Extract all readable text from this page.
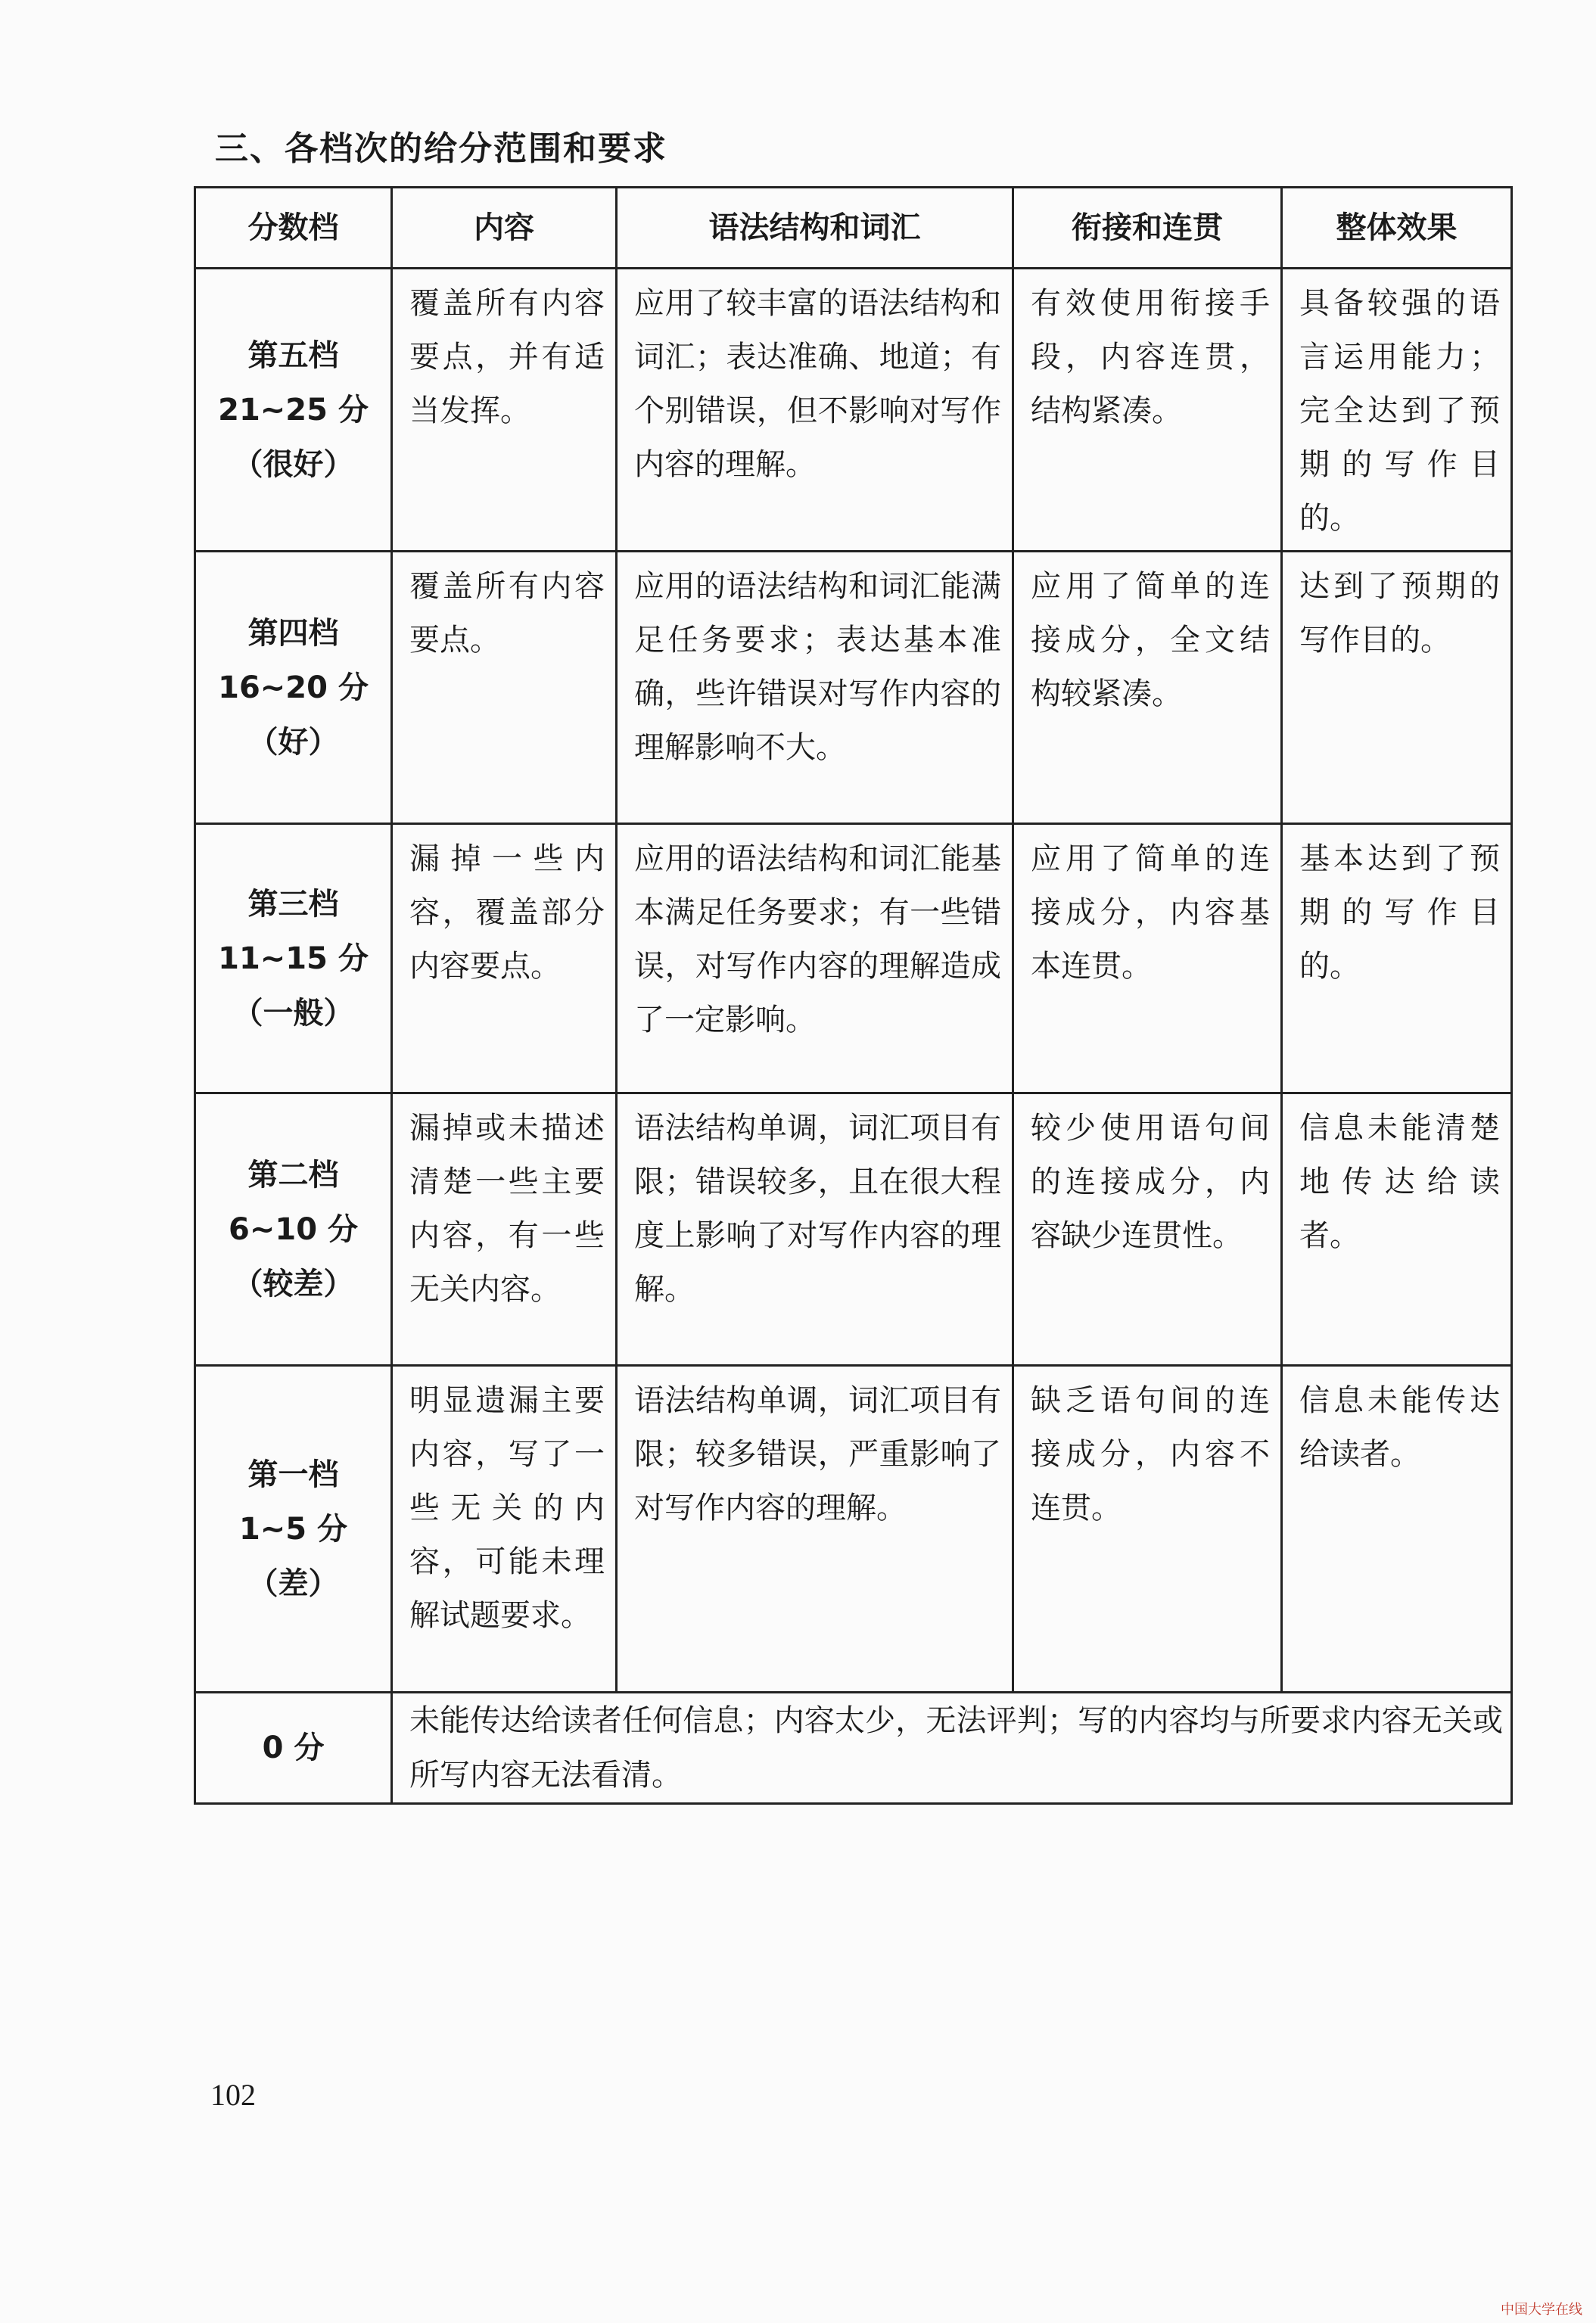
三、各档次的给分范围和要求
分数档	内容	语法结构和词汇	衔接和连贯	整体效果

第五档
21~25 分
（很好）	覆盖所有内容要点，并有适当发挥。	应用了较丰富的语法结构和词汇；表达准确、地道；有个别错误，但不影响对写作内容的理解。	有效使用衔接手段，内容连贯，结构紧凑。	具备较强的语言运用能力；完全达到了预期的写作目的。

第四档
16~20 分
（好）	覆盖所有内容要点。	应用的语法结构和词汇能满足任务要求；表达基本准确，些许错误对写作内容的理解影响不大。	应用了简单的连接成分，全文结构较紧凑。	达到了预期的写作目的。

第三档
11~15 分
（一般）	漏掉一些内容，覆盖部分内容要点。	应用的语法结构和词汇能基本满足任务要求；有一些错误，对写作内容的理解造成了一定影响。	应用了简单的连接成分，内容基本连贯。	基本达到了预期的写作目的。

第二档
6~10 分
（较差）	漏掉或未描述清楚一些主要内容，有一些无关内容。	语法结构单调，词汇项目有限；错误较多，且在很大程度上影响了对写作内容的理解。	较少使用语句间的连接成分，内容缺少连贯性。	信息未能清楚地传达给读者。

第一档
1~5 分
（差）	明显遗漏主要内容，写了一些无关的内容，可能未理解试题要求。	语法结构单调，词汇项目有限；较多错误，严重影响了对写作内容的理解。	缺乏语句间的连接成分，内容不连贯。	信息未能传达给读者。

0 分	未能传达给读者任何信息；内容太少，无法评判；写的内容均与所要求内容无关或所写内容无法看清。			
102
中国大学在线
